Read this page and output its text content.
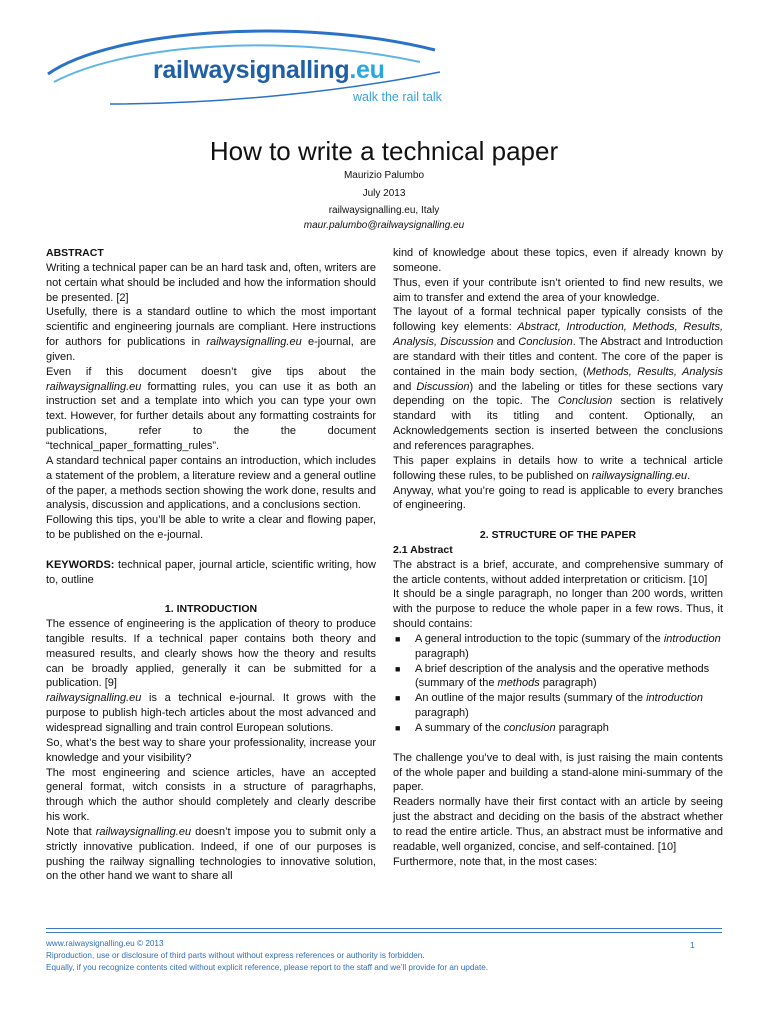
railwaysignalling.eu
walk the rail talk
How to write a technical paper
Maurizio Palumbo
July 2013
railwaysignalling.eu, Italy
maur.palumbo@railwaysignalling.eu

ABSTRACT

Writing a technical paper can be an hard task and, often, writers are not certain what should be included and how the information should be presented. [2]

Usefully, there is a standard outline to which the most important scientific and engineering journals are compliant. Here instructions for authors for publications in railwaysignalling.eu e-journal, are given.

Even if this document doesn’t give tips about the railwaysignalling.eu formatting rules, you can use it as both an instruction set and a template into which you can type your own text. However, for further details about any formatting costraints for publications, refer to the the document “technical_paper_formatting_rules”.

A standard technical paper contains an introduction, which includes a statement of the problem, a literature review and a general outline of the paper, a methods section showing the work done, results and analysis, discussion and applications, and a conclusions section.

Following this tips, you’ll be able to write a clear and flowing paper, to be published on the e-journal.

KEYWORDS: technical paper, journal article, scientific writing, how to, outline

1. INTRODUCTION

The essence of engineering is the application of theory to produce tangible results. If a technical paper contains both theory and measured results, and clearly shows how the theory and results can be broadly applied, generally it can be submitted for a publication. [9]

railwaysignalling.eu is a technical e-journal. It grows with the purpose to publish high-tech articles about the most advanced and widespread signalling and train control European solutions.

So, what’s the best way to share your professionality, increase your knowledge and your visibility?

The most engineering and science articles, have an accepted general format, witch consists in a structure of paragrhaphs, through which the author should completely and clearly describe his work.

Note that railwaysignalling.eu doesn’t impose you to submit only a strictly innovative publication. Indeed, if one of our purposes is pushing the railway signalling technologies to innovative solution, on the other hand we want to share all

kind of knowledge about these topics, even if already known by someone.

Thus, even if your contribute isn’t oriented to find new results, we aim to transfer and extend the area of your knowledge.

The layout of a formal technical paper typically consists of the following key elements: Abstract, Introduction, Methods, Results, Analysis, Discussion and Conclusion. The Abstract and Introduction are standard with their titles and content. The core of the paper is contained in the main body section, (Methods, Results, Analysis and Discussion) and the labeling or titles for these sections vary depending on the topic. The Conclusion section is relatively standard with its titling and content. Optionally, an Acknowledgements section is inserted between the conclusions and references paragraphes.

This paper explains in details how to write a technical article following these rules, to be published on railwaysignalling.eu.

Anyway, what you’re going to read is applicable to every branches of engineering.

2. STRUCTURE OF THE PAPER

2.1 Abstract

The abstract is a brief, accurate, and comprehensive summary of the article contents, without added interpretation or criticism. [10]

It should be a single paragraph, no longer than 200 words, written with the purpose to reduce the whole paper in a few rows. Thus, it should contains:

■ A general introduction to the topic (summary of the introduction paragraph)
■ A brief description of the analysis and the operative methods (summary of the methods paragraph)
■ An outline of the major results (summary of the introduction paragraph)
■ A summary of the conclusion paragraph

The challenge you’ve to deal with, is just raising the main contents of the whole paper and building a stand-alone mini-summary of the paper.

Readers normally have their first contact with an article by seeing just the abstract and deciding on the basis of the abstract whether to read the entire article. Thus, an abstract must be informative and readable, well organized, concise, and self-contained. [10]

Furthermore, note that, in the most cases:

www.raiwaysignalling.eu © 2013	1
Riproduction, use or disclosure of third parts without without express references or authority is forbidden.
Equally, if you recognize contents cited without explicit reference, please report to the staff and we’ll provide for an update.
